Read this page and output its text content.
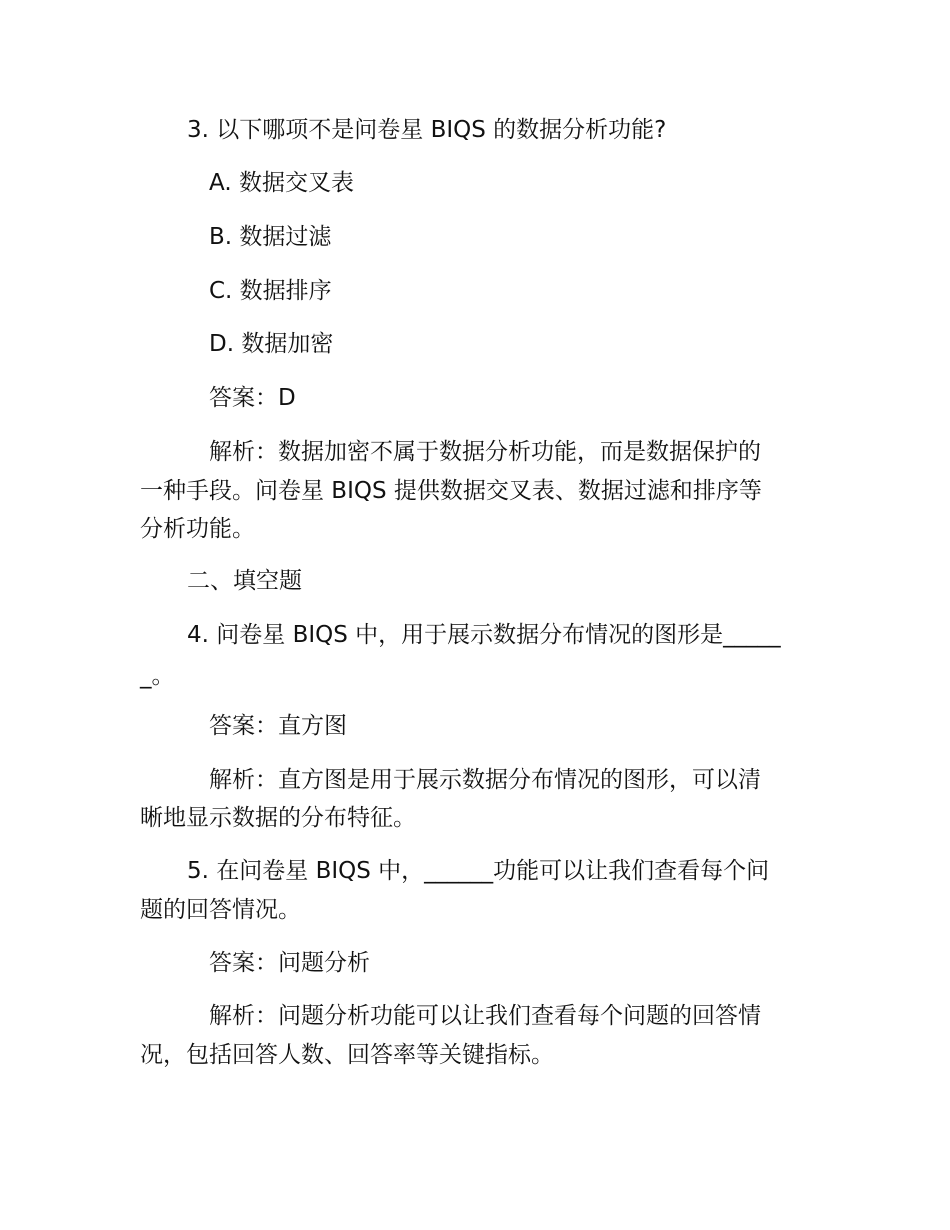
3. 以下哪项不是问卷星 BIQS 的数据分析功能?
A. 数据交叉表
B. 数据过滤
C. 数据排序
D. 数据加密
答案：D
解析：数据加密不属于数据分析功能，而是数据保护的
一种手段。问卷星 BIQS 提供数据交叉表、数据过滤和排序等
分析功能。
二、填空题
4. 问卷星 BIQS 中，用于展示数据分布情况的图形是_____
_。
答案：直方图
解析：直方图是用于展示数据分布情况的图形，可以清
晰地显示数据的分布特征。
5. 在问卷星 BIQS 中，______功能可以让我们查看每个问
题的回答情况。
答案：问题分析
解析：问题分析功能可以让我们查看每个问题的回答情
况，包括回答人数、回答率等关键指标。
